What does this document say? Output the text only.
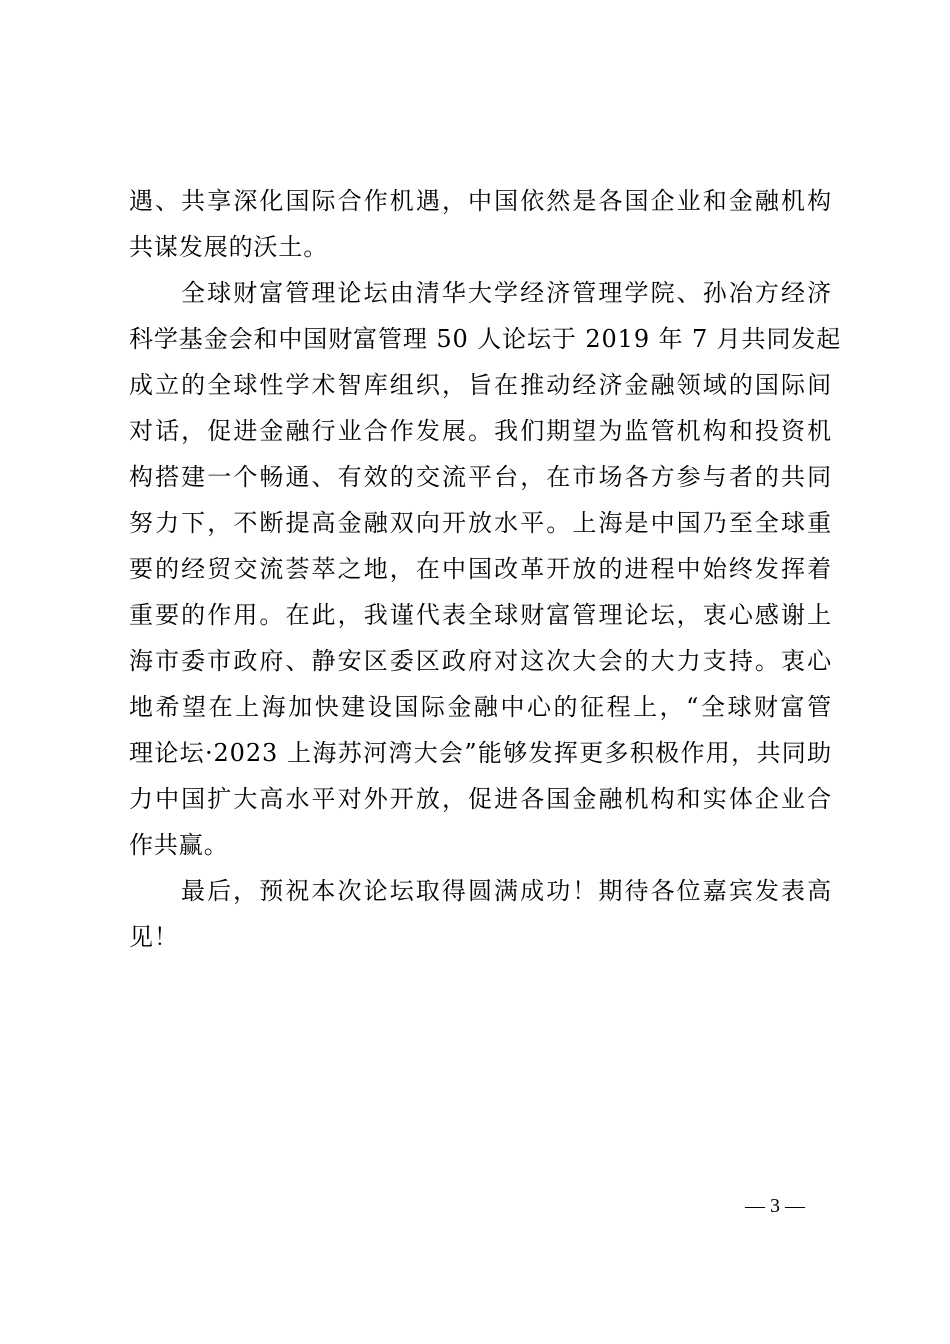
遇、共享深化国际合作机遇，中国依然是各国企业和金融机构
共谋发展的沃土。
全球财富管理论坛由清华大学经济管理学院、孙冶方经济
科学基金会和中国财富管理 50 人论坛于 2019 年 7 月共同发起
成立的全球性学术智库组织，旨在推动经济金融领域的国际间
对话，促进金融行业合作发展。我们期望为监管机构和投资机
构搭建一个畅通、有效的交流平台，在市场各方参与者的共同
努力下，不断提高金融双向开放水平。上海是中国乃至全球重
要的经贸交流荟萃之地，在中国改革开放的进程中始终发挥着
重要的作用。在此，我谨代表全球财富管理论坛，衷心感谢上
海市委市政府、静安区委区政府对这次大会的大力支持。衷心
地希望在上海加快建设国际金融中心的征程上，“全球财富管
理论坛·2023 上海苏河湾大会”能够发挥更多积极作用，共同助
力中国扩大高水平对外开放，促进各国金融机构和实体企业合
作共赢。
最后，预祝本次论坛取得圆满成功！期待各位嘉宾发表高
见！
— 3 —
